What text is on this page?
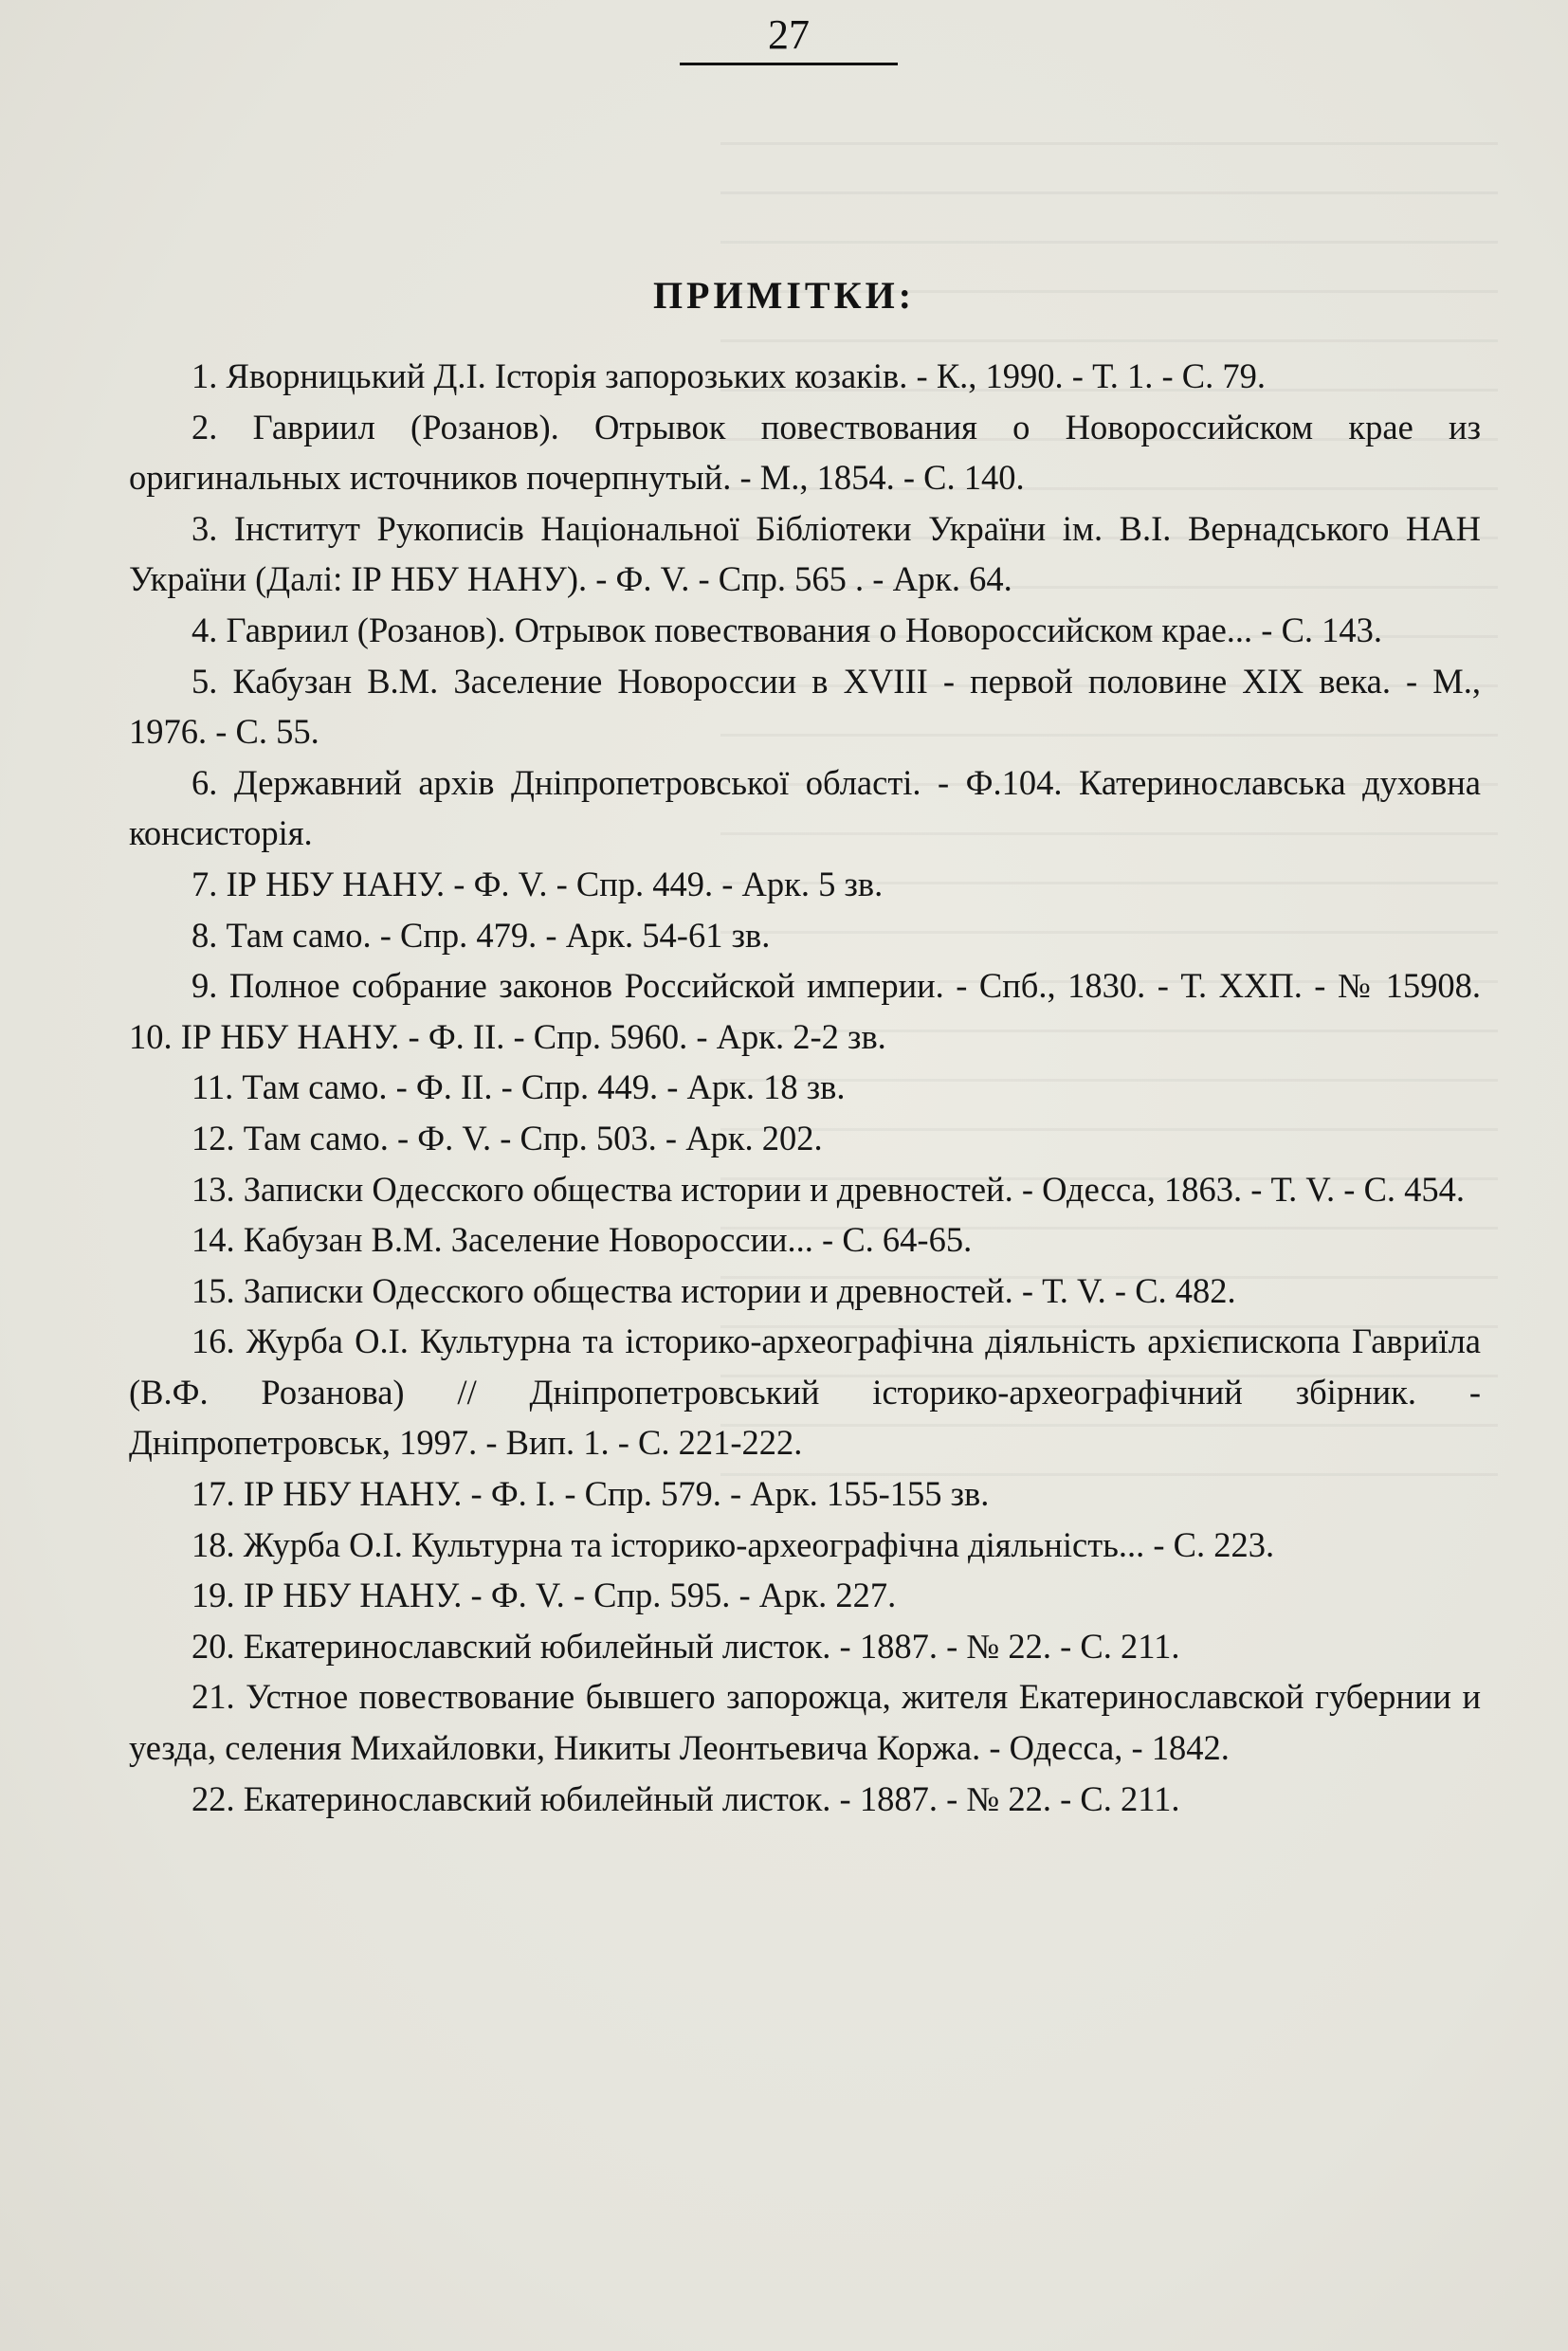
27
ПРИМІТКИ:

1. Яворницький Д.І. Історія запорозьких козаків. - К., 1990. - Т. 1. - С. 79.

2. Гавриил (Розанов). Отрывок повествования о Новороссийском крае из оригинальных источников почерпнутый. - М., 1854. - С. 140.

3. Інститут Рукописів Національної Бібліотеки України ім. В.І. Вернадського НАН України (Далі: ІР НБУ НАНУ). - Ф. V. - Спр. 565 . - Арк. 64.

4. Гавриил (Розанов). Отрывок повествования о Новороссийском крае... - С. 143.

5. Кабузан В.М. Заселение Новороссии в XVIII - первой половине XIX века. - М., 1976. - С. 55.

6. Державний архів Дніпропетровської області. - Ф.104. Катеринославська духовна консисторія.

7. ІР НБУ НАНУ. - Ф. V. - Спр. 449. - Арк. 5 зв.

8. Там само. - Спр. 479. - Арк. 54-61 зв.

9. Полное собрание законов Российской империи. - Спб., 1830. - Т. ХХП. - № 15908. 10. ІР НБУ НАНУ. - Ф. II. - Спр. 5960. - Арк. 2-2 зв.

11. Там само. - Ф. II. - Спр. 449. - Арк. 18 зв.

12. Там само. - Ф. V. - Спр. 503. - Арк. 202.

13. Записки Одесского общества истории и древностей. - Одесса, 1863. - Т. V. - С. 454.

14. Кабузан В.М. Заселение Новороссии... - С. 64-65.

15. Записки Одесского общества истории и древностей. - Т. V. - С. 482.

16. Журба О.І. Культурна та історико-археографічна діяльність архієпископа Гавриїла (В.Ф. Розанова) // Дніпропетровський історико-археографічний збірник. - Дніпропетровськ, 1997. - Вип. 1. - С. 221-222.

17. ІР НБУ НАНУ. - Ф. І. - Спр. 579. - Арк. 155-155 зв.

18. Журба О.І. Культурна та історико-археографічна діяльність... - С. 223.

19. ІР НБУ НАНУ. - Ф. V. - Спр. 595. - Арк. 227.

20. Екатеринославский юбилейный листок. - 1887. - № 22. - С. 211.

21. Устное повествование бывшего запорожца, жителя Екатеринославской губернии и уезда, селения Михайловки, Никиты Леонтьевича Коржа. - Одесса, - 1842.

22. Екатеринославский юбилейный листок. - 1887. - № 22. - С. 211.
